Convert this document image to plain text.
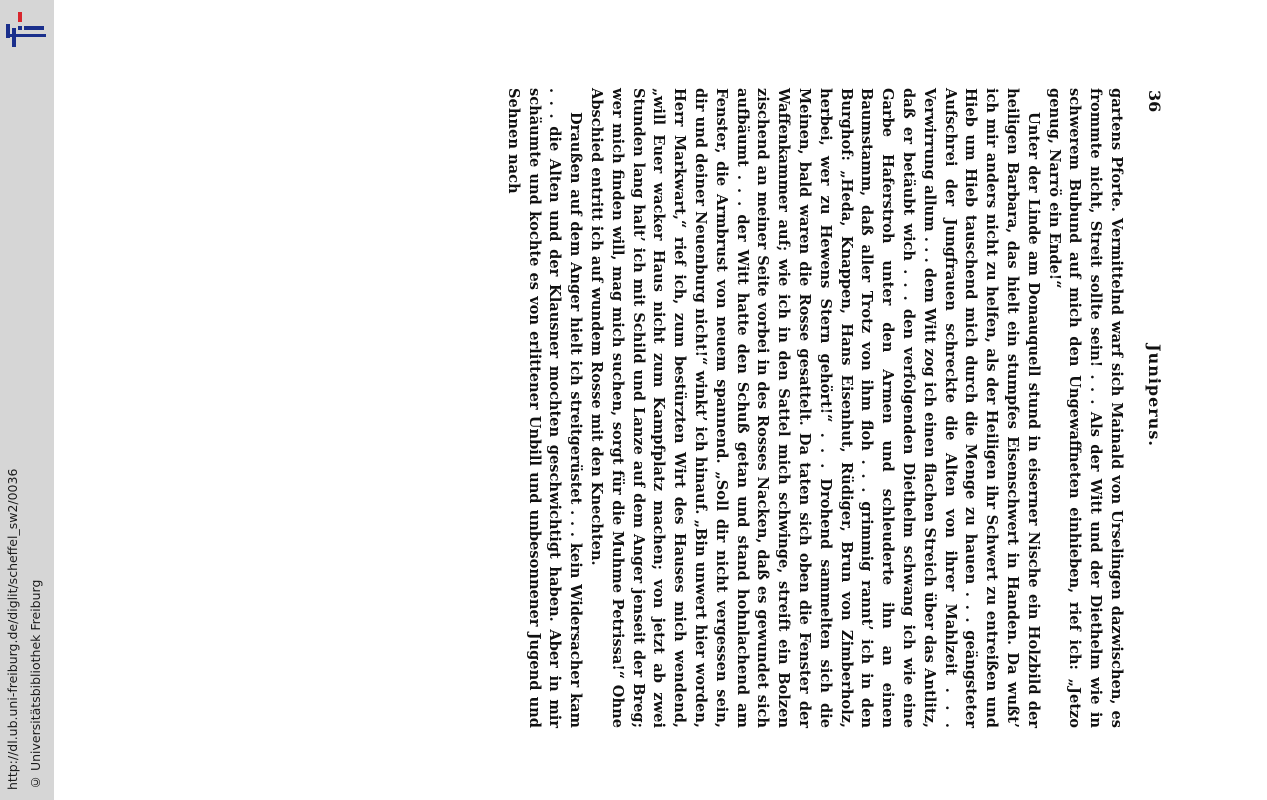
http://dl.ub.uni-freiburg.de/diglit/scheffel_sw2/0036 © Universitätsbibliothek Freiburg
36
Juniperus.

gartens Pforte. Vermittelnd warf sich Mainald von Urselingen dazwischen, es frommte nicht, Streit sollte sein! . . . Als der Witt und der Diethelm wie in schwerem Bubund auf mich den Ungewaffneten einhieben, rief ich: „Jetzo genug, Narrö ein Ende!“

Unter der Linde am Donauquell stund in eiserner Nische ein Holzbild der heiligen Barbara, das hielt ein stumpfes Eisenschwert in Handen. Da wußt’ ich mir anders nicht zu helfen, als der Heiligen ihr Schwert zu entreißen und Hieb um Hieb tauschend mich durch die Menge zu hauen . . . geängsteter Aufschrei der Jungfrauen schreckte die Alten von ihrer Mahlzeit . . . Verwirrung allum . . . dem Witt zog ich einen flachen Streich über das Antlitz, daß er betäubt wich . . . den verfolgenden Diethelm schwang ich wie eine Garbe Haferstroh unter den Armen und schleuderte ihn an einen Baumstamm, daß aller Trotz von ihm floh . . . grimmig rannt’ ich in den Burghof: „Heda, Knappen, Hans Eisenhut, Rüdiger, Brun von Zimberholz, herbei, wer zu Hewens Stern gehört!“ . . . Drohend sammelten sich die Meinen, bald waren die Rosse gesattelt. Da taten sich oben die Fenster der Waffenkammer auf; wie ich in den Sattel mich schwinge, streift ein Bolzen zischend an meiner Seite vorbei in des Rosses Nacken, daß es gewundet sich aufbäumt . . . der Witt hatte den Schuß getan und stand hohnlachend am Fenster, die Armbrust von neuem spannend. „Soll dir nicht vergessen sein, dir und deiner Neuenburg nicht!“ winkt’ ich hinauf. „Bin unwert hier worden, Herr Markwart,“ rief ich, zum bestürzten Wirt des Hauses mich wendend, „will Euer wacker Haus nicht zum Kampfplatz machen; von jetzt ab zwei Stunden lang halt’ ich mit Schild und Lanze auf dem Anger jenseit der Breg; wer mich finden will, mag mich suchen, sorgt für die Muhme Petrissa!“ Ohne Abschied entritt ich auf wundem Rosse mit den Knechten.

Draußen auf dem Anger hielt ich streitgerüstet . . . kein Widersacher kam . . . die Alten und der Klausner mochten geschwichtigt haben. Aber in mir schäumte und kochte es von erlittener Unbill und unbesonnener Jugend und Sehnen nach
